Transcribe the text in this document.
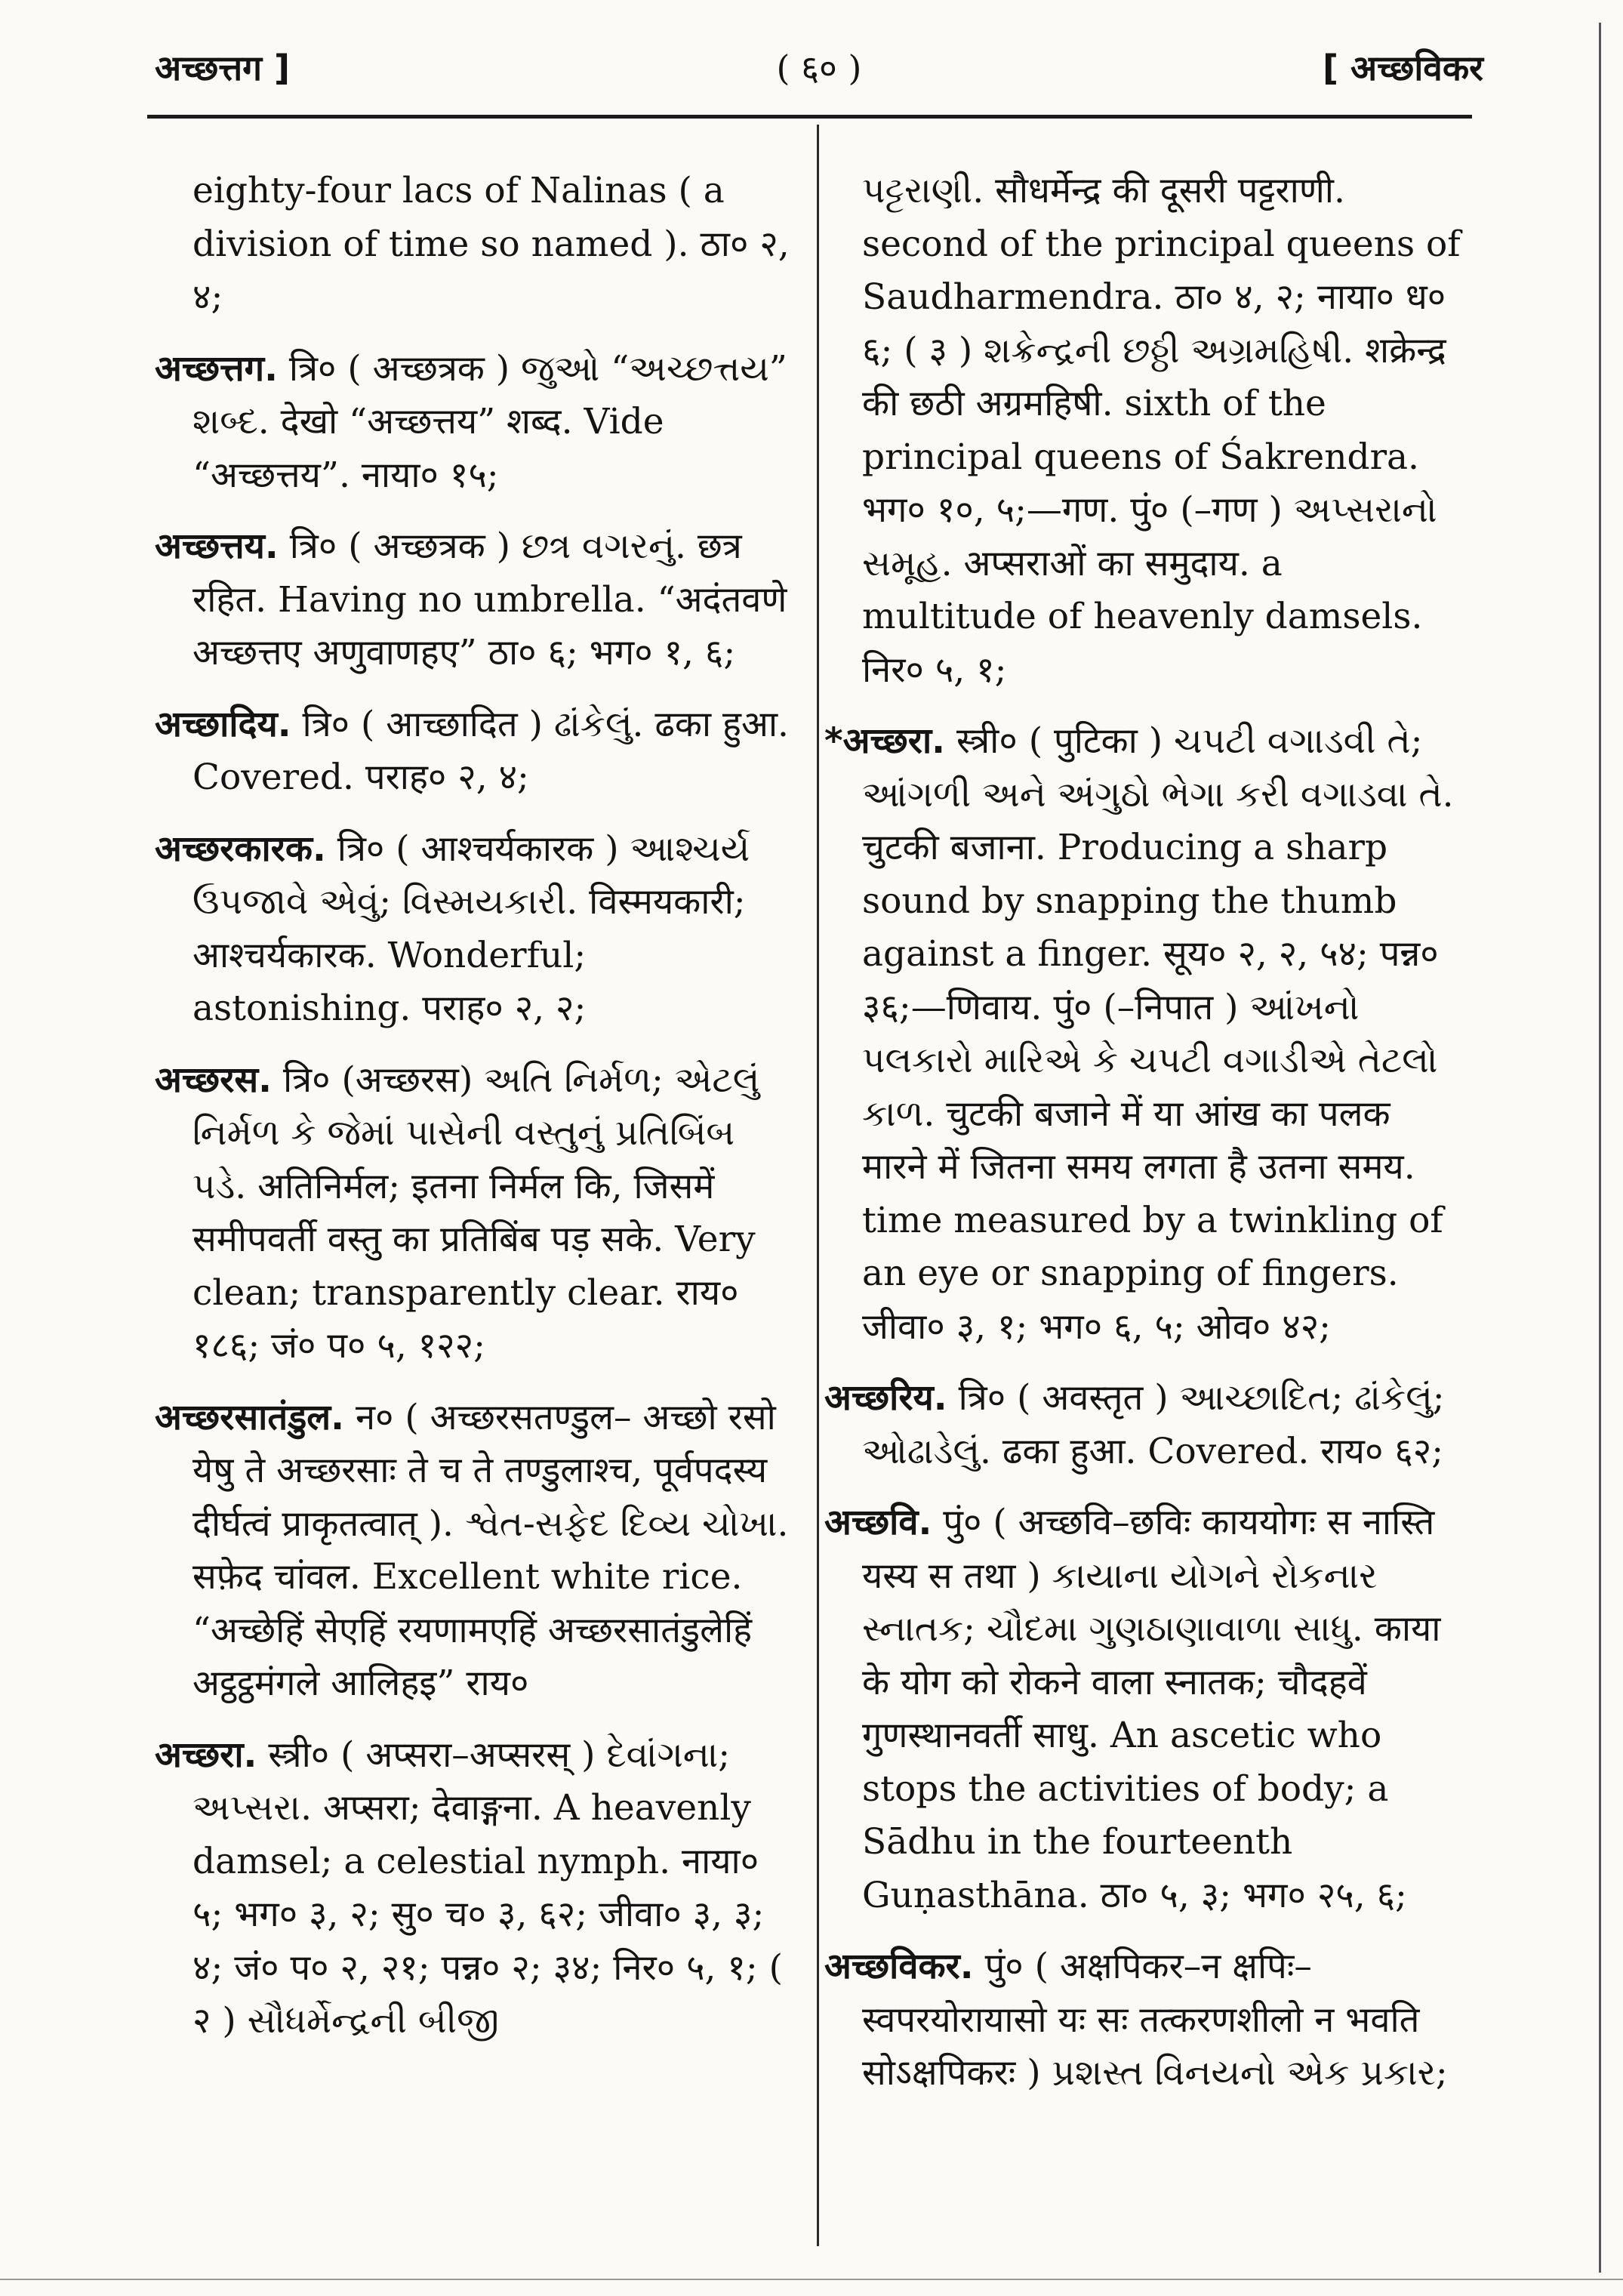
अच्छत्तग ]	( ६० )	[ अच्छविकर

eighty-four lacs of Nalinas ( a division of time so named ). ठा० २, ४;

अच्छत्तग. त्रि० ( अच्छत्रक ) જુઓ “અચ્છત્તય” શબ્દ. देखो “अच्छत्तय” शब्द. Vide “अच्छत्तय”. नाया० १५;

अच्छत्तय. त्रि० ( अच्छत्रक ) છત્ર વગરનું. छत्र रहित. Having no umbrella. “अदंतवणे अच्छत्तए अणुवाणहए” ठा० ६; भग० १, ६;

अच्छादिय. त्रि० ( आच्छादित ) ઢાંકેલું. ढका हुआ. Covered. पराह० २, ४;

अच्छरकारक. त्रि० ( आश्चर्यकारक ) આશ્ચર્ય ઉપજાવે એવું; વિસ્મયકારી. विस्मयकारी; आश्चर्यकारक. Wonderful; astonishing. पराह० २, २;

अच्छरस. त्रि० (अच्छरस) અતિ નિર્મળ; એટલું નિર્મળ કે જેમાં પાસેની વસ્તુનું પ્રતિબિંબ પડે. अतिनिर्मल; इतना निर्मल कि, जिसमें समीपवर्ती वस्तु का प्रतिबिंब पड़ सके. Very clean; transparently clear. राय० १८६; जं० प० ५, १२२;

अच्छरसातंडुल. न० ( अच्छरसतण्डुल– अच्छो रसो येषु ते अच्छरसाः ते च ते तण्डुलाश्च, पूर्वपदस्य दीर्घत्वं प्राकृतत्वात् ). શ્વેત-સફેદ દિવ્ય ચોખા. सफ़ेद चांवल. Excellent white rice. “अच्छेहिं सेएहिं रयणामएहिं अच्छरसातंडुलेहिं अट्ठट्ठमंगले आलिहइ” राय०

अच्छरा. स्त्री० ( अप्सरा–अप्सरस् ) દેવાંગના; અપ્સરા. अप्सरा; देवाङ्गना. A heavenly damsel; a celestial nymph. नाया० ५; भग० ३, २; सु० च० ३, ६२; जीवा० ३, ३; ४; जं० प० २, २१; पन्न० २; ३४; निर० ५, १; ( २ ) સૌધર્મેન્દ્રની બીજી

પટ્ટરાણી. सौधर्मेन्द्र की दूसरी पट्टराणी. second of the principal queens of Saudharmendra. ठा० ४, २; नाया० ध० ६; ( ३ ) શક્રેન્દ્રની છઠ્ઠી અગ્રમહિષી. शक्रेन्द्र की छठी अग्रमहिषी. sixth of the principal queens of Śakrendra. भग० १०, ५;—गण. पुं० (–गण ) અપ્સરાનો સમૂહ. अप्सराओं का समुदाय. a multitude of heavenly damsels. निर० ५, १;

*अच्छरा. स्त्री० ( पुटिका ) ચપટી વગાડવી તે; આંગળી અને અંગુઠો ભેગા કરી વગાડવા તે. चुटकी बजाना. Producing a sharp sound by snapping the thumb against a finger. सूय० २, २, ५४; पन्न० ३६;—णिवाय. पुं० (–निपात ) આંખનો પલકારો મારિએ કે ચપટી વગાડીએ તેટલો કાળ. चुटकी बजाने में या आंख का पलक मारने में जितना समय लगता है उतना समय. time measured by a twinkling of an eye or snapping of fingers. जीवा० ३, १; भग० ६, ५; ओव० ४२;

अच्छरिय. त्रि० ( अवस्तृत ) આચ્છાદિત; ઢાંકેલું; ઓઢાડેલું. ढका हुआ. Covered. राय० ६२;

अच्छवि. पुं० ( अच्छवि–छविः काययोगः स नास्ति यस्य स तथा ) કાયાના યોગને રોકનાર સ્નાતક; ચૌદમા ગુણઠાણાવાળા સાધુ. काया के योग को रोकने वाला स्नातक; चौदहवें गुणस्थानवर्ती साधु. An ascetic who stops the activities of body; a Sādhu in the fourteenth Guṇasthāna. ठा० ५, ३; भग० २५, ६;

अच्छविकर. पुं० ( अक्षपिकर–न क्षपिः–स्वपरयोरायासो यः सः तत्करणशीलो न भवति सोऽक्षपिकरः ) પ્રશસ્ત વિનયનો એક પ્રકાર;
